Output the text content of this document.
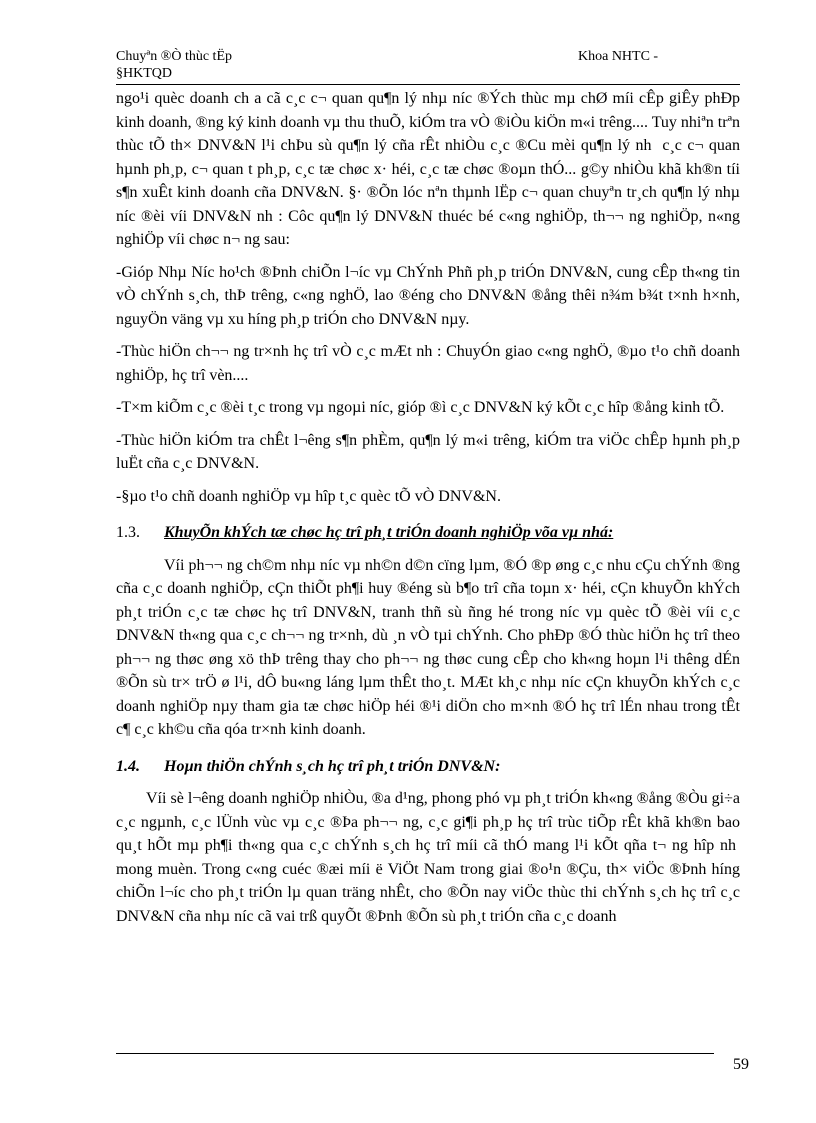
Chuyªn ®Ò thùc tËp
§HKTQD
Khoa NHTC -

ngo¹i quèc doanh ch a cã c¸c c¬ quan qu¶n lý nhµ níc ®Ých thùc mµ chØ míi cÊp giÊy phÐp kinh doanh, ®ng ký kinh doanh vµ thu thuÕ, kiÓm tra vÒ ®iÒu kiÖn m«i trêng.... Tuy nhiªn trªn thùc tÕ th× DNV&N l¹i chÞu sù qu¶n lý cña rÊt nhiÒu c¸c ®Cu mèi qu¶n lý nh  c¸c c¬ quan hµnh ph¸p, c¬ quan t ph¸p, c¸c tæ chøc x· héi, c¸c tæ chøc ®oµn thÓ... g©y nhiÒu khã kh®n tíi s¶n xuÊt kinh doanh cña DNV&N. §· ®Õn lóc nªn thµnh lËp c¬ quan chuyªn tr¸ch qu¶n lý nhµ níc ®èi víi DNV&N nh : Côc qu¶n lý DNV&N thuéc bé c«ng nghiÖp, th¬¬ ng nghiÖp, n«ng nghiÖp víi chøc n¬ ng sau:

-Gióp Nhµ Níc ho¹ch ®Þnh chiÕn l¬íc vµ ChÝnh Phñ ph¸p triÓn DNV&N, cung cÊp th«ng tin vÒ chÝnh s¸ch, thÞ trêng, c«ng nghÖ, lao ®éng cho DNV&N ®ång thêi n¾m b¾t t×nh h×nh, nguyÖn väng vµ xu híng ph¸p triÓn cho DNV&N nµy.

-Thùc hiÖn ch¬¬ ng tr×nh hç trî vÒ c¸c mÆt nh : ChuyÓn giao c«ng nghÖ, ®µo t¹o chñ doanh nghiÖp, hç trî vèn....

-T×m kiÕm c¸c ®èi t¸c trong vµ ngoµi níc, gióp ®ì c¸c DNV&N ký kÕt c¸c hîp ®ång kinh tÕ.

-Thùc hiÖn kiÓm tra chÊt l¬êng s¶n phÈm, qu¶n lý m«i trêng, kiÓm tra viÖc chÊp hµnh ph¸p luËt cña c¸c DNV&N.

-§µo t¹o chñ doanh nghiÖp vµ hîp t¸c quèc tÕ vÒ DNV&N.

1.3. KhuyÕn khÝch tæ chøc hç trî ph¸t triÓn doanh nghiÖp võa vµ nhá:

Víi ph¬¬ ng ch©m nhµ níc vµ nh©n d©n cïng lµm, ®Ó ®p øng c¸c nhu cÇu chÝnh ®ng cña c¸c doanh nghiÖp, cÇn thiÕt ph¶i huy ®éng sù b¶o trî cña toµn x· héi, cÇn khuyÕn khÝch ph¸t triÓn c¸c tæ chøc hç trî DNV&N, tranh thñ sù ñng hé trong níc vµ quèc tÕ ®èi víi c¸c DNV&N th«ng qua c¸c ch¬¬ ng tr×nh, dù ¸n vÒ tµi chÝnh. Cho phÐp ®Ó thùc hiÖn hç trî theo ph¬¬ ng thøc øng xö thÞ trêng thay cho ph¬¬ ng thøc cung cÊp cho kh«ng hoµn l¹i thêng dÉn ®Õn sù tr× trÖ ø l¹i, dÔ bu«ng láng lµm thÊt tho¸t. MÆt kh¸c nhµ níc cÇn khuyÕn khÝch c¸c doanh nghiÖp nµy tham gia tæ chøc hiÖp héi ®¹i diÖn cho m×nh ®Ó hç trî lÉn nhau trong tÊt c¶ c¸c kh©u cña qóa tr×nh kinh doanh.

1.4. Hoµn thiÖn chÝnh s¸ch hç trî ph¸t triÓn DNV&N:

Víi sè l¬êng doanh nghiÖp nhiÒu, ®a d¹ng, phong phó vµ ph¸t triÓn kh«ng ®ång ®Òu gi÷a c¸c ngµnh, c¸c lÜnh vùc vµ c¸c ®Þa ph¬¬ ng, c¸c gi¶i ph¸p hç trî trùc tiÕp rÊt khã kh®n bao qu¸t hÕt mµ ph¶i th«ng qua c¸c chÝnh s¸ch hç trî míi cã thÓ mang l¹i kÕt qña t¬ ng hîp nh  mong muèn. Trong c«ng cuéc ®æi míi ë ViÖt Nam trong giai ®o¹n ®Çu, th× viÖc ®Þnh híng chiÕn l¬íc cho ph¸t triÓn lµ quan träng nhÊt, cho ®Õn nay viÖc thùc thi chÝnh s¸ch hç trî c¸c DNV&N cña nhµ níc cã vai trß quyÕt ®Þnh ®Õn sù ph¸t triÓn cña c¸c doanh

59
